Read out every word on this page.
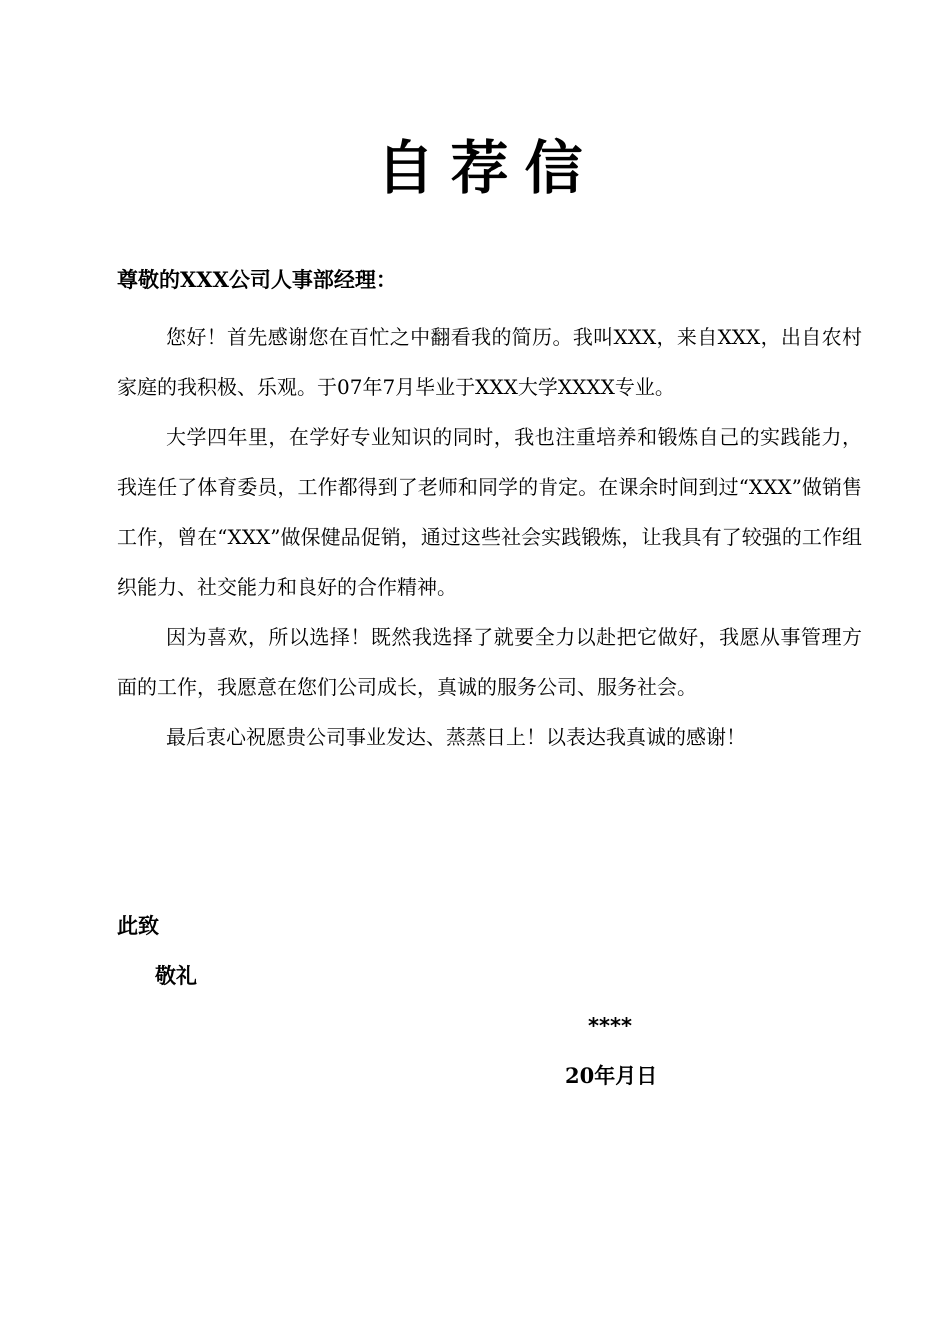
自荐信
尊敬的XXX公司人事部经理：

您好！首先感谢您在百忙之中翻看我的简历。我叫XXX，来自XXX，出自农村家庭的我积极、乐观。于07年7月毕业于XXX大学XXXX专业。

大学四年里，在学好专业知识的同时，我也注重培养和锻炼自己的实践能力，我连任了体育委员，工作都得到了老师和同学的肯定。在课余时间到过“XXX”做销售工作，曾在“XXX”做保健品促销，通过这些社会实践锻炼，让我具有了较强的工作组织能力、社交能力和良好的合作精神。

因为喜欢，所以选择！既然我选择了就要全力以赴把它做好，我愿从事管理方面的工作，我愿意在您们公司成长，真诚的服务公司、服务社会。

最后衷心祝愿贵公司事业发达、蒸蒸日上！以表达我真诚的感谢！

此致
敬礼
****
20年月日
